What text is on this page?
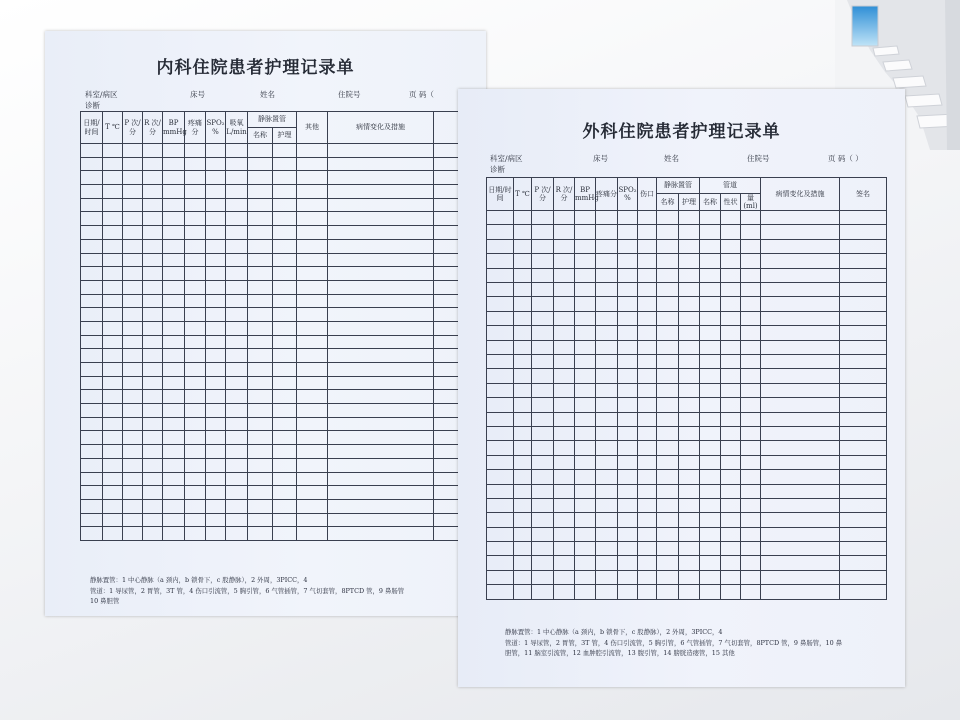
内科住院患者护理记录单
科室/病区	床号	姓名	住院号	页 码（
诊断
日期/时间	T ℃	P 次/分	R 次/分	BP mmHg	疼痛分	SPO₂ %	吸氧 L/min	静脉置管		其他	病情变化及措施	
								名称	护理			

静脉置管：1 中心静脉（a 颈内，b 锁骨下，c 股静脉），2 外周，3PICC，4
管道：1 导尿管，2 胃管，3T 管，4 伤口引流管，5 胸引管，6 气管插管，7 气切套管，8PTCD 管，9 鼻肠管
10 鼻胆管
外科住院患者护理记录单
科室/病区	床号	姓名	住院号	页 码（ ）
诊断
日期/时间	T ℃	P 次/分	R 次/分	BP mmHg	疼痛分	SPO₂ %	伤口	静脉置管		管道			病情变化及措施	签名
								名称	护理	名称	性状	量(ml)		

静脉置管：1 中心静脉（a 颈内，b 锁骨下，c 股静脉），2 外周，3PICC，4
管道：1 导尿管，2 胃管，3T 管，4 伤口引流管，5 胸引管，6 气管插管，7 气切套管，8PTCD 管，9 鼻肠管，10 鼻
胆管，11 脑室引流管，12 血肿腔引流管，13 腹引管，14 膀胱造瘘管，15 其他
